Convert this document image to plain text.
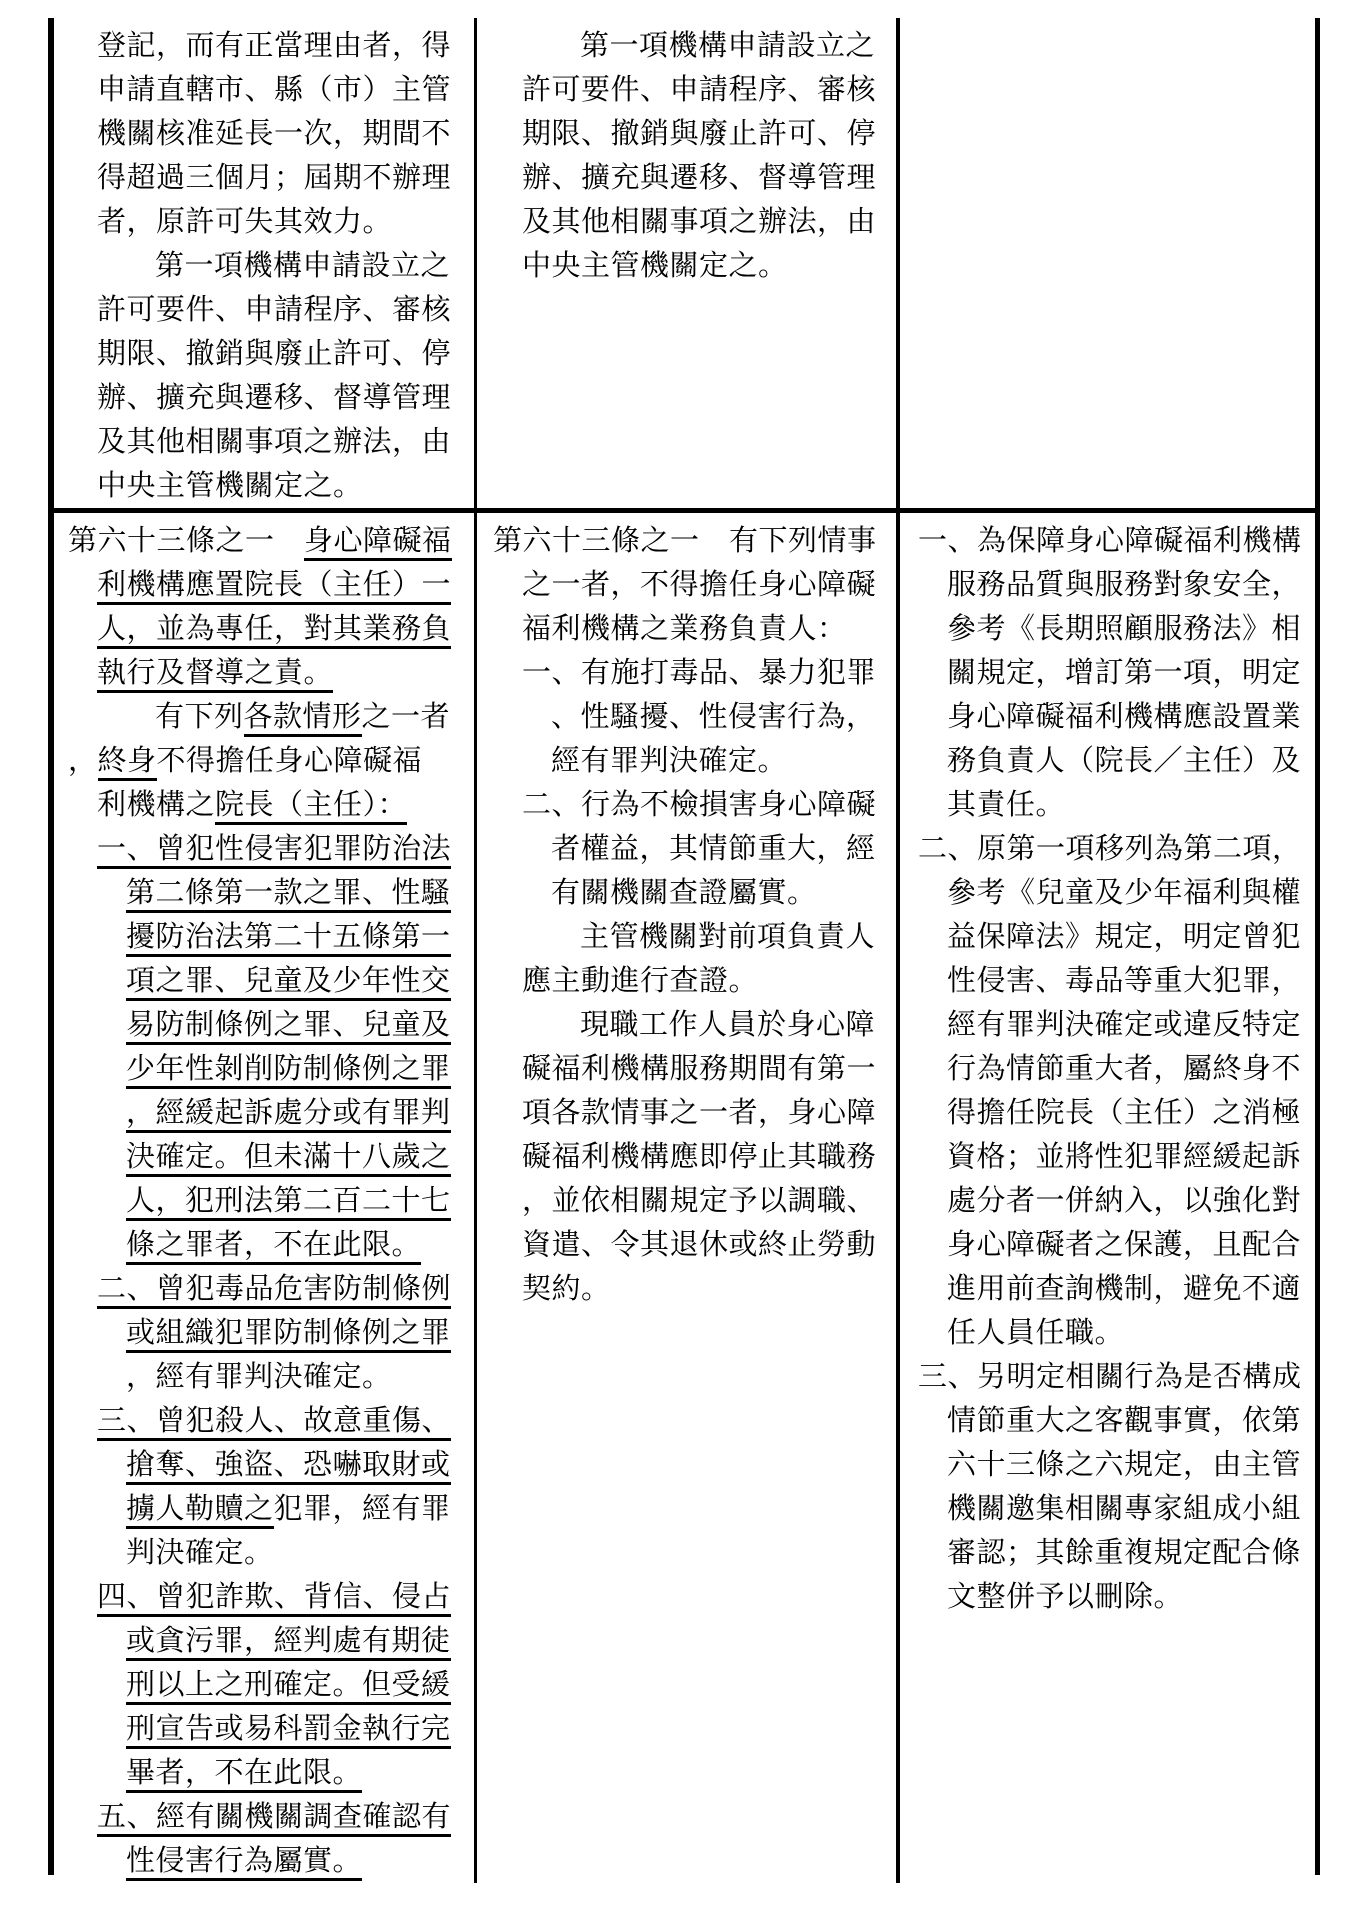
登記，而有正當理由者，得
申請直轄市、縣（市）主管
機關核准延長一次，期間不
得超過三個月；屆期不辦理
者，原許可失其效力。
第一項機構申請設立之
許可要件、申請程序、審核
期限、撤銷與廢止許可、停
辦、擴充與遷移、督導管理
及其他相關事項之辦法，由
中央主管機關定之。
第一項機構申請設立之
許可要件、申請程序、審核
期限、撤銷與廢止許可、停
辦、擴充與遷移、督導管理
及其他相關事項之辦法，由
中央主管機關定之。
第六十三條之一　身心障礙福
利機構應置院長（主任）一
人，並為專任，對其業務負
執行及督導之責。
有下列各款情形之一者
，終身不得擔任身心障礙福
利機構之院長（主任）：
一、曾犯性侵害犯罪防治法
第二條第一款之罪、性騷
擾防治法第二十五條第一
項之罪、兒童及少年性交
易防制條例之罪、兒童及
少年性剝削防制條例之罪
，經緩起訴處分或有罪判
決確定。但未滿十八歲之
人，犯刑法第二百二十七
條之罪者，不在此限。
二、曾犯毒品危害防制條例
或組織犯罪防制條例之罪
，經有罪判決確定。
三、曾犯殺人、故意重傷、
搶奪、強盜、恐嚇取財或
擄人勒贖之犯罪，經有罪
判決確定。
四、曾犯詐欺、背信、侵占
或貪污罪，經判處有期徒
刑以上之刑確定。但受緩
刑宣告或易科罰金執行完
畢者，不在此限。
五、經有關機關調查確認有
性侵害行為屬實。
第六十三條之一　有下列情事
之一者，不得擔任身心障礙
福利機構之業務負責人：
一、有施打毒品、暴力犯罪
、性騷擾、性侵害行為，
經有罪判決確定。
二、行為不檢損害身心障礙
者權益，其情節重大，經
有關機關查證屬實。
主管機關對前項負責人
應主動進行查證。
現職工作人員於身心障
礙福利機構服務期間有第一
項各款情事之一者，身心障
礙福利機構應即停止其職務
，並依相關規定予以調職、
資遣、令其退休或終止勞動
契約。
一、為保障身心障礙福利機構
服務品質與服務對象安全，
參考《長期照顧服務法》相
關規定，增訂第一項，明定
身心障礙福利機構應設置業
務負責人（院長／主任）及
其責任。
二、原第一項移列為第二項，
參考《兒童及少年福利與權
益保障法》規定，明定曾犯
性侵害、毒品等重大犯罪，
經有罪判決確定或違反特定
行為情節重大者，屬終身不
得擔任院長（主任）之消極
資格；並將性犯罪經緩起訴
處分者一併納入，以強化對
身心障礙者之保護，且配合
進用前查詢機制，避免不適
任人員任職。
三、另明定相關行為是否構成
情節重大之客觀事實，依第
六十三條之六規定，由主管
機關邀集相關專家組成小組
審認；其餘重複規定配合條
文整併予以刪除。
